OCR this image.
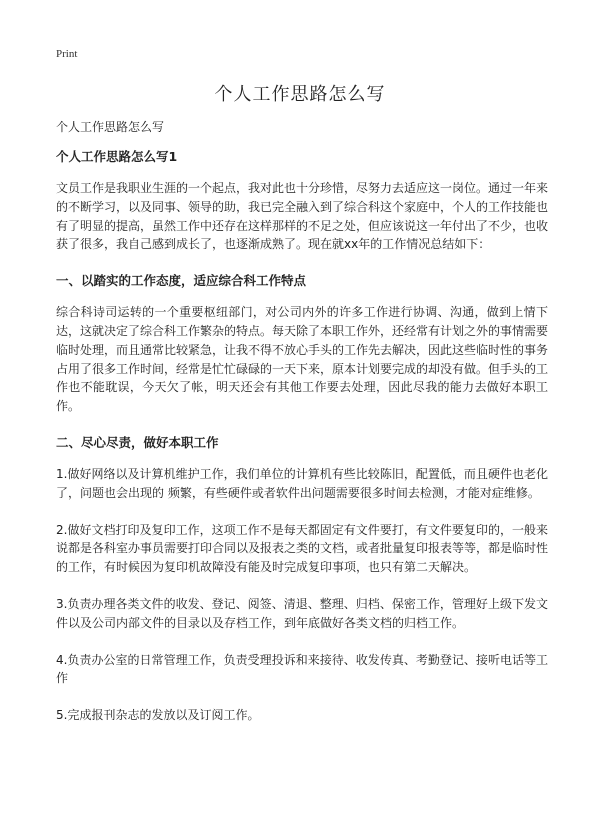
Print
个人工作思路怎么写
个人工作思路怎么写
个人工作思路怎么写1

文员工作是我职业生涯的一个起点，我对此也十分珍惜，尽努力去适应这一岗位。通过一年来的不断学习，以及同事、领导的助，我已完全融入到了综合科这个家庭中，个人的工作技能也有了明显的提高，虽然工作中还存在这样那样的不足之处，但应该说这一年付出了不少，也收获了很多，我自己感到成长了，也逐渐成熟了。现在就xx年的工作情况总结如下：

一、以踏实的工作态度，适应综合科工作特点

综合科诗司运转的一个重要枢纽部门，对公司内外的许多工作进行协调、沟通，做到上情下达，这就决定了综合科工作繁杂的特点。每天除了本职工作外，还经常有计划之外的事情需要临时处理，而且通常比较紧急，让我不得不放心手头的工作先去解决，因此这些临时性的事务占用了很多工作时间，经常是忙忙碌碌的一天下来，原本计划要完成的却没有做。但手头的工作也不能耽误，今天欠了帐，明天还会有其他工作要去处理，因此尽我的能力去做好本职工作。

二、尽心尽责，做好本职工作

1.做好网络以及计算机维护工作，我们单位的计算机有些比较陈旧，配置低，而且硬件也老化了，问题也会出现的 频繁，有些硬件或者软件出问题需要很多时间去检测，才能对症维修。

2.做好文档打印及复印工作，这项工作不是每天都固定有文件要打，有文件要复印的，一般来说都是各科室办事员需要打印合同以及报表之类的文档，或者批量复印报表等等，都是临时性的工作，有时候因为复印机故障没有能及时完成复印事项，也只有第二天解决。

3.负责办理各类文件的收发、登记、阅签、清退、整理、归档、保密工作，管理好上级下发文件以及公司内部文件的目录以及存档工作，到年底做好各类文档的归档工作。

4.负责办公室的日常管理工作，负责受理投诉和来接待、收发传真、考勤登记、接听电话等工作

5.完成报刊杂志的发放以及订阅工作。
